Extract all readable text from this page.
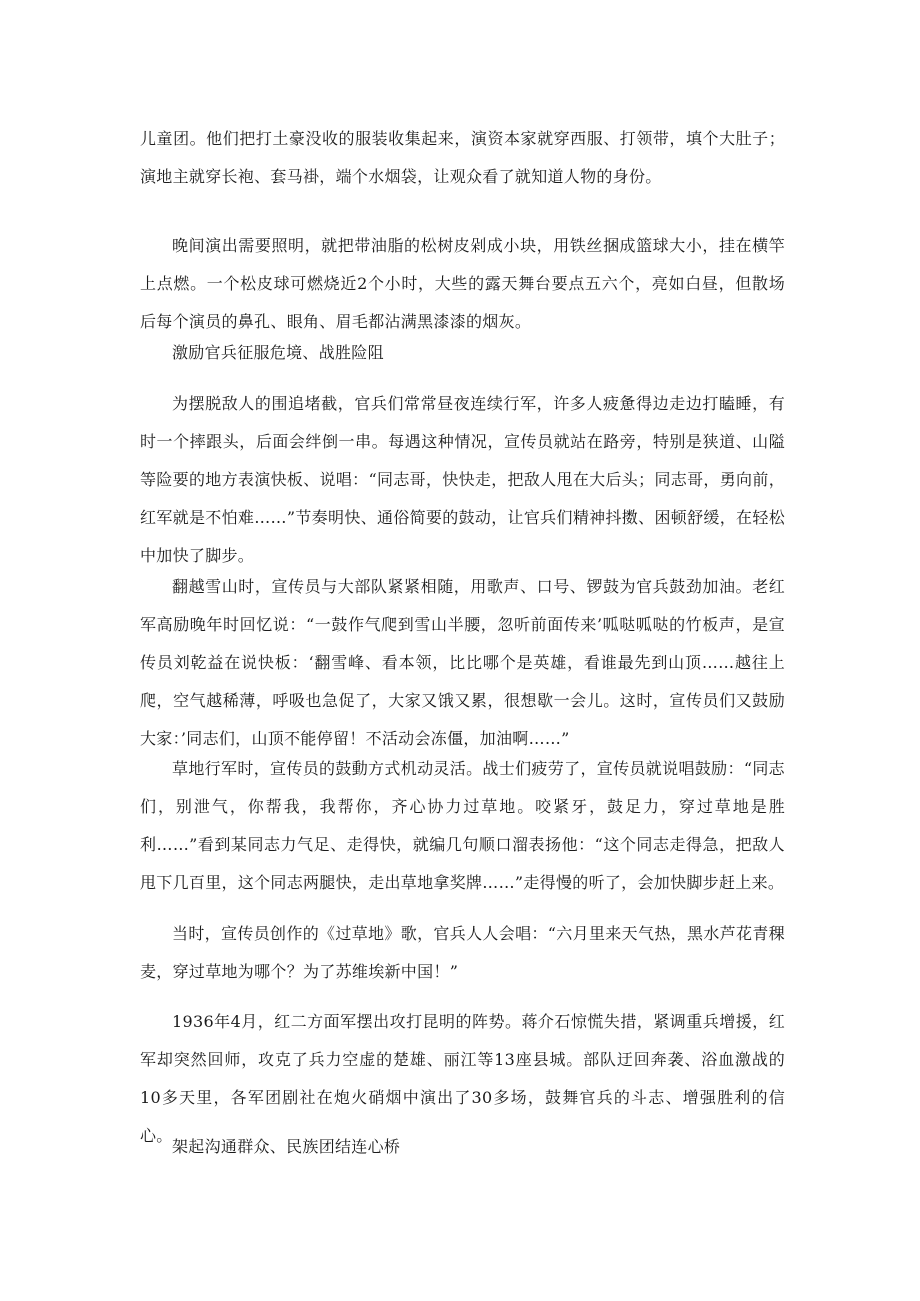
儿童团。他们把打土豪没收的服装收集起来，演资本家就穿西服、打领带，填个大肚子；演地主就穿长袍、套马褂，端个水烟袋，让观众看了就知道人物的身份。

晚间演出需要照明，就把带油脂的松树皮剁成小块，用铁丝捆成篮球大小，挂在横竿上点燃。一个松皮球可燃烧近2个小时，大些的露天舞台要点五六个，亮如白昼，但散场后每个演员的鼻孔、眼角、眉毛都沾满黑漆漆的烟灰。

激励官兵征服危境、战胜险阻

为摆脱敌人的围追堵截，官兵们常常昼夜连续行军，许多人疲惫得边走边打瞌睡，有时一个摔跟头，后面会绊倒一串。每遇这种情况，宣传员就站在路旁，特别是狭道、山隘等险要的地方表演快板、说唱：“同志哥，快快走，把敌人甩在大后头；同志哥，勇向前，红军就是不怕难……”节奏明快、通俗简要的鼓动，让官兵们精神抖擞、困顿舒缓，在轻松中加快了脚步。

翻越雪山时，宣传员与大部队紧紧相随，用歌声、口号、锣鼓为官兵鼓劲加油。老红军高励晚年时回忆说：“一鼓作气爬到雪山半腰，忽听前面传来’呱哒呱哒的竹板声，是宣传员刘乾益在说快板：‘翻雪峰、看本领，比比哪个是英雄，看谁最先到山顶……越往上爬，空气越稀薄，呼吸也急促了，大家又饿又累，很想歇一会儿。这时，宣传员们又鼓励大家：’同志们，山顶不能停留！不活动会冻僵，加油啊……”

草地行军时，宣传员的鼓動方式机动灵活。战士们疲劳了，宣传员就说唱鼓励：“同志们，别泄气，你帮我，我帮你，齐心协力过草地。咬紧牙，鼓足力，穿过草地是胜利……”看到某同志力气足、走得快，就编几句顺口溜表扬他：“这个同志走得急，把敌人甩下几百里，这个同志两腿快，走出草地拿奖牌……”走得慢的听了，会加快脚步赶上来。

当时，宣传员创作的《过草地》歌，官兵人人会唱：“六月里来天气热，黑水芦花青稞麦，穿过草地为哪个？为了苏维埃新中国！”

1936年4月，红二方面军摆出攻打昆明的阵势。蒋介石惊慌失措，紧调重兵增援，红军却突然回师，攻克了兵力空虚的楚雄、丽江等13座县城。部队迂回奔袭、浴血激战的10多天里，各军团剧社在炮火硝烟中演出了30多场，鼓舞官兵的斗志、增强胜利的信心。

架起沟通群众、民族团结连心桥
